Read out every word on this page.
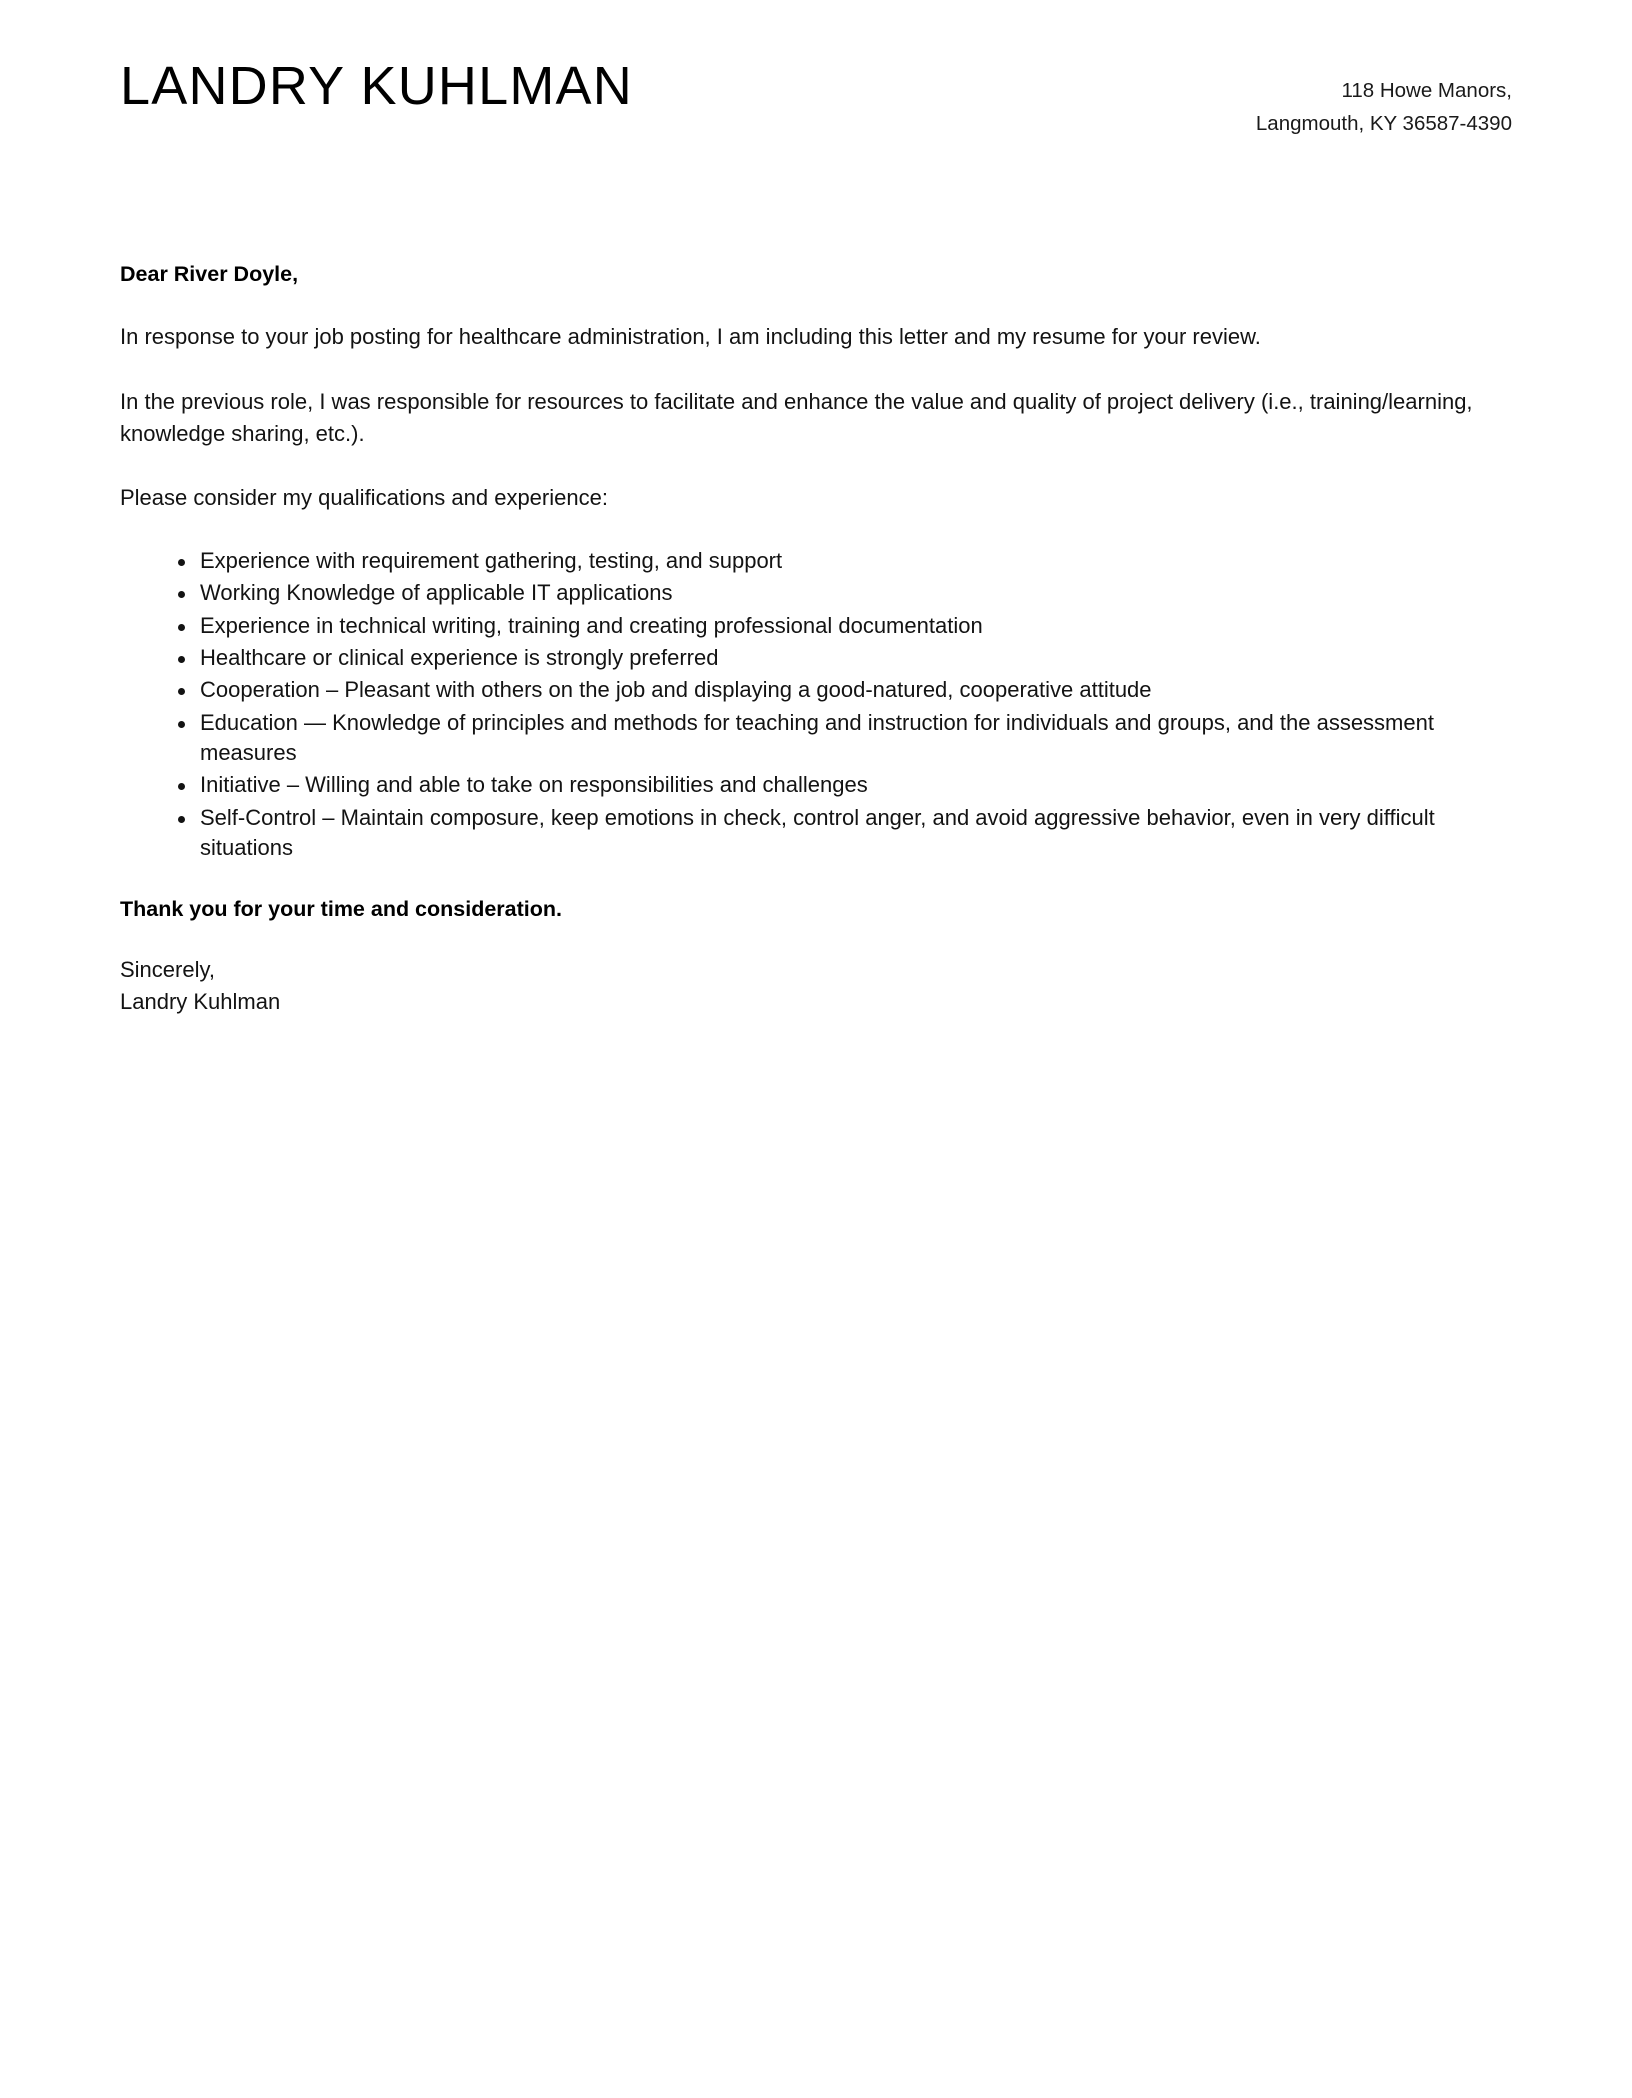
LANDRY KUHLMAN	118 Howe Manors,
Langmouth, KY 36587-4390

Dear River Doyle,

In response to your job posting for healthcare administration, I am including this letter and my resume for your review.

In the previous role, I was responsible for resources to facilitate and enhance the value and quality of project delivery (i.e., training/learning, knowledge sharing, etc.).

Please consider my qualifications and experience:

Experience with requirement gathering, testing, and support
Working Knowledge of applicable IT applications
Experience in technical writing, training and creating professional documentation
Healthcare or clinical experience is strongly preferred
Cooperation – Pleasant with others on the job and displaying a good-natured, cooperative attitude
Education — Knowledge of principles and methods for teaching and instruction for individuals and groups, and the assessment measures
Initiative – Willing and able to take on responsibilities and challenges
Self-Control – Maintain composure, keep emotions in check, control anger, and avoid aggressive behavior, even in very difficult situations

Thank you for your time and consideration.

Sincerely,
Landry Kuhlman
